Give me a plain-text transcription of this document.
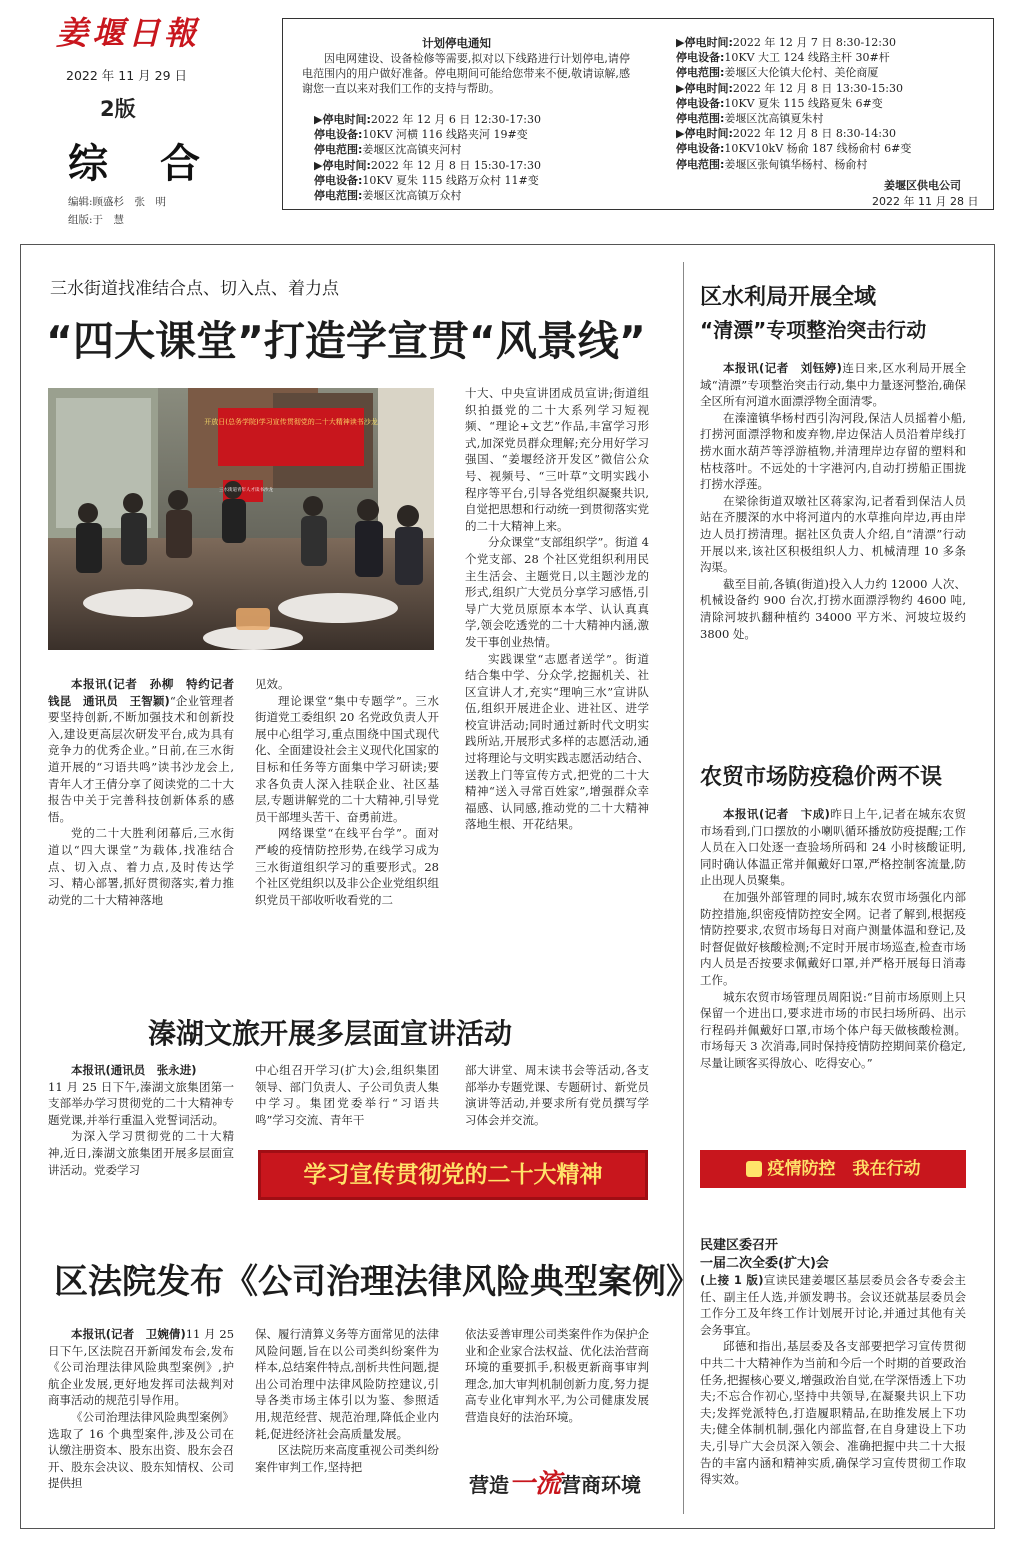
姜堰日報
2022 年 11 月 29 日
2版
综　合
编辑:顾盛杉　张　明
组版:于　慧
计划停电通知

因电网建设、设备检修等需要,拟对以下线路进行计划停电,请停电范围内的用户做好准备。停电期间可能给您带来不便,敬请谅解,感谢您一直以来对我们工作的支持与帮助。

▶停电时间:2022 年 12 月 6 日 12:30-17:30
停电设备:10KV 河横 116 线路夹河 19#变
停电范围:姜堰区沈高镇夹河村
▶停电时间:2022 年 12 月 8 日 15:30-17:30
停电设备:10KV 夏朱 115 线路万众村 11#变
停电范围:姜堰区沈高镇万众村
▶停电时间:2022 年 12 月 7 日 8:30-12:30
停电设备:10KV 大工 124 线路主杆 30#杆
停电范围:姜堰区大伦镇大伦村、美伦商厦
▶停电时间:2022 年 12 月 8 日 13:30-15:30
停电设备:10KV 夏朱 115 线路夏朱 6#变
停电范围:姜堰区沈高镇夏朱村
▶停电时间:2022 年 12 月 8 日 8:30-14:30
停电设备:10KV10kV 杨俞 187 线杨俞村 6#变
停电范围:姜堰区张甸镇华杨村、杨俞村
姜堰区供电公司
2022 年 11 月 28 日
三水街道找准结合点、切入点、着力点
“四大课堂”打造学宣贯“风景线”
开放日(总务学院)学习宣传贯彻党的二十大精神读书沙龙
三水街道青年人才读书沙龙

本报讯(记者　孙柳　特约记者　钱昆　通讯员　王智颖)“企业管理者要坚持创新,不断加强技术和创新投入,建设更高层次研发平台,成为具有竞争力的优秀企业。”日前,在三水街道开展的“习语共鸣”读书沙龙会上,青年人才王倩分享了阅读党的二十大报告中关于完善科技创新体系的感悟。
党的二十大胜利闭幕后,三水街道以“四大课堂”为载体,找准结合点、切入点、着力点,及时传达学习、精心部署,抓好贯彻落实,着力推动党的二十大精神落地

见效。
理论课堂“集中专题学”。三水街道党工委组织 20 名党政负责人开展中心组学习,重点围绕中国式现代化、全面建设社会主义现代化国家的目标和任务等方面集中学习研读;要求各负责人深入挂联企业、社区基层,专题讲解党的二十大精神,引导党员干部埋头苦干、奋勇前进。
网络课堂“在线平台学”。面对严峻的疫情防控形势,在线学习成为三水街道组织学习的重要形式。28 个社区党组织以及非公企业党组织组织党员干部收听收看党的二

十大、中央宣讲团成员宣讲;街道组织拍摄党的二十大系列学习短视频、“理论+文艺”作品,丰富学习形式,加深党员群众理解;充分用好学习强国、“姜堰经济开发区”微信公众号、视频号、“三叶草”文明实践小程序等平台,引导各党组织凝聚共识,自觉把思想和行动统一到贯彻落实党的二十大精神上来。
分众课堂“支部组织学”。街道 4 个党支部、28 个社区党组织利用民主生活会、主题党日,以主题沙龙的形式,组织广大党员分享学习感悟,引导广大党员原原本本学、认认真真学,领会吃透党的二十大精神内涵,激发干事创业热情。
实践课堂“志愿者送学”。街道结合集中学、分众学,挖掘机关、社区宣讲人才,充实“理响三水”宣讲队伍,组织开展进企业、进社区、进学校宣讲活动;同时通过新时代文明实践所站,开展形式多样的志愿活动,通过将理论与文明实践志愿活动结合、送教上门等宣传方式,把党的二十大精神“送入寻常百姓家”,增强群众幸福感、认同感,推动党的二十大精神落地生根、开花结果。

溱湖文旅开展多层面宣讲活动

本报讯(通讯员　张永进)
11 月 25 日下午,溱湖文旅集团第一支部举办学习贯彻党的二十大精神专题党课,并举行重温入党誓词活动。
为深入学习贯彻党的二十大精神,近日,溱湖文旅集团开展多层面宣讲活动。党委学习

中心组召开学习(扩大)会,组织集团领导、部门负责人、子公司负责人集中学习。集团党委举行“习语共鸣”学习交流、青年干

部大讲堂、周末读书会等活动,各支部举办专题党课、专题研讨、新党员演讲等活动,并要求所有党员撰写学习体会并交流。

学习宣传贯彻党的二十大精神
区法院发布《公司治理法律风险典型案例》

本报讯(记者　卫婉倩)11 月 25 日下午,区法院召开新闻发布会,发布《公司治理法律风险典型案例》,护航企业发展,更好地发挥司法裁判对商事活动的规范引导作用。
《公司治理法律风险典型案例》选取了 16 个典型案件,涉及公司在认缴注册资本、股东出资、股东会召开、股东会决议、股东知情权、公司提供担

保、履行清算义务等方面常见的法律风险问题,旨在以公司类纠纷案件为样本,总结案件特点,剖析共性问题,提出公司治理中法律风险防控建议,引导各类市场主体引以为鉴、参照适用,规范经营、规范治理,降低企业内耗,促进经济社会高质量发展。
区法院历来高度重视公司类纠纷案件审判工作,坚持把

依法妥善审理公司类案件作为保护企业和企业家合法权益、优化法治营商环境的重要抓手,积极更新商事审判理念,加大审判机制创新力度,努力提高专业化审判水平,为公司健康发展营造良好的法治环境。

营造一流营商环境
区水利局开展全域
“清漂”专项整治突击行动

本报讯(记者　刘钰婷)连日来,区水利局开展全域“清漂”专项整治突击行动,集中力量逐河整治,确保全区所有河道水面漂浮物全面清零。
在溱潼镇华杨村西引沟河段,保洁人员摇着小船,打捞河面漂浮物和废弃物,岸边保洁人员沿着岸线打捞水面水葫芦等浮游植物,并清理岸边存留的塑料和枯枝落叶。不远处的十字港河内,自动打捞船正围拢打捞水浮莲。
在梁徐街道双墩社区蒋家沟,记者看到保洁人员站在齐腰深的水中将河道内的水草推向岸边,再由岸边人员打捞清理。据社区负责人介绍,自“清漂”行动开展以来,该社区积极组织人力、机械清理 10 多条沟渠。
截至目前,各镇(街道)投入人力约 12000 人次、机械设备约 900 台次,打捞水面漂浮物约 4600 吨,清除河坡扒翻种植约 34000 平方米、河坡垃圾约 3800 处。

农贸市场防疫稳价两不误

本报讯(记者　卞成)昨日上午,记者在城东农贸市场看到,门口摆放的小喇叭循环播放防疫提醒;工作人员在入口处逐一查验场所码和 24 小时核酸证明,同时确认体温正常并佩戴好口罩,严格控制客流量,防止出现人员聚集。
在加强外部管理的同时,城东农贸市场强化内部防控措施,织密疫情防控安全网。记者了解到,根据疫情防控要求,农贸市场每日对商户测量体温和登记,及时督促做好核酸检测;不定时开展市场巡查,检查市场内人员是否按要求佩戴好口罩,并严格开展每日消毒工作。
城东农贸市场管理员周阳说:“目前市场原则上只保留一个进出口,要求进市场的市民扫场所码、出示行程码并佩戴好口罩,市场个体户每天做核酸检测。市场每天 3 次消毒,同时保持疫情防控期间菜价稳定,尽量让顾客买得放心、吃得安心。”

疫情防控　我在行动
民建区委召开
一届二次全委(扩大)会

(上接 1 版)宣读民建姜堰区基层委员会各专委会主任、副主任人选,并颁发聘书。会议还就基层委员会工作分工及年终工作计划展开讨论,并通过其他有关会务事宜。
邱德和指出,基层委及各支部要把学习宣传贯彻中共二十大精神作为当前和今后一个时期的首要政治任务,把握核心要义,增强政治自觉,在学深悟透上下功夫;不忘合作初心,坚持中共领导,在凝聚共识上下功夫;发挥党派特色,打造履职精品,在助推发展上下功夫;健全体制机制,强化内部监督,在自身建设上下功夫,引导广大会员深入领会、准确把握中共二十大报告的丰富内涵和精神实质,确保学习宣传贯彻工作取得实效。
